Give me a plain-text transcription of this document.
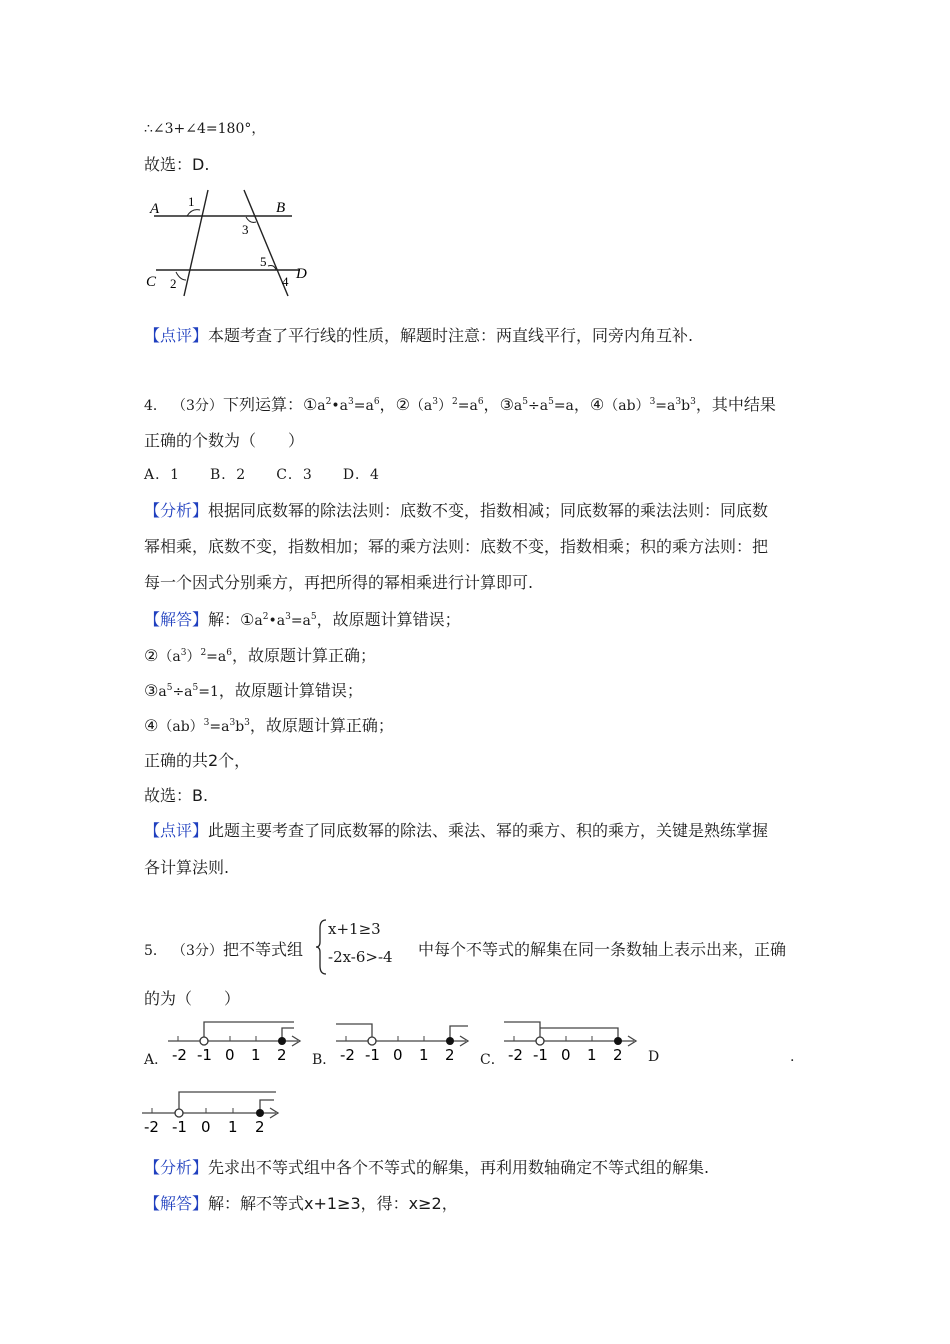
∴∠3+∠4=180°，
故选：D.
A	B
C	D
1
2
3
4
5
【点评】本题考查了平行线的性质，解题时注意：两直线平行，同旁内角互补.
4． （3分）下列运算：$①a^2•a^3=a^6$，$②(a^3)^2=a^6$，$③a^5\div a^5=a$，$④(ab)^3=a^3b^3$，其中结果
正确的个数为（　　）
A．1　　B．2　　C．3　　D．4
【分析】根据同底数幂的除法法则：底数不变，指数相减；同底数幂的乘法法则：同底数
幂相乘，底数不变，指数相加；幂的乘方法则：底数不变，指数相乘；积的乘方法则：把
每一个因式分别乘方，再把所得的幂相乘进行计算即可.
【解答】解：$①a^2•a^3=a^5$，故原题计算错误；
$②(a^3)^2=a^6$，故原题计算正确；
$③a^5\div a^5=1$，故原题计算错误；
$④(ab)^3=a^3b^3$，故原题计算正确；
正确的共2个，
故选：B.
【点评】此题主要考查了同底数幂的除法、乘法、幂的乘方、积的乘方，关键是熟练掌握
各计算法则.
5． （3分）把不等式组
x+1≥3
-2x-6>-4 中每个不等式的解集在同一条数轴上表示出来，正确
的为（　　）
A．	B．	C．	D	.
-2 -1 0 1 2	-2 -1 0 1 2	-2 -1 0 1 2
-2 -1 0 1 2
【分析】先求出不等式组中各个不等式的解集，再利用数轴确定不等式组的解集.
【解答】解：解不等式x+1≥3，得：x≥2，
